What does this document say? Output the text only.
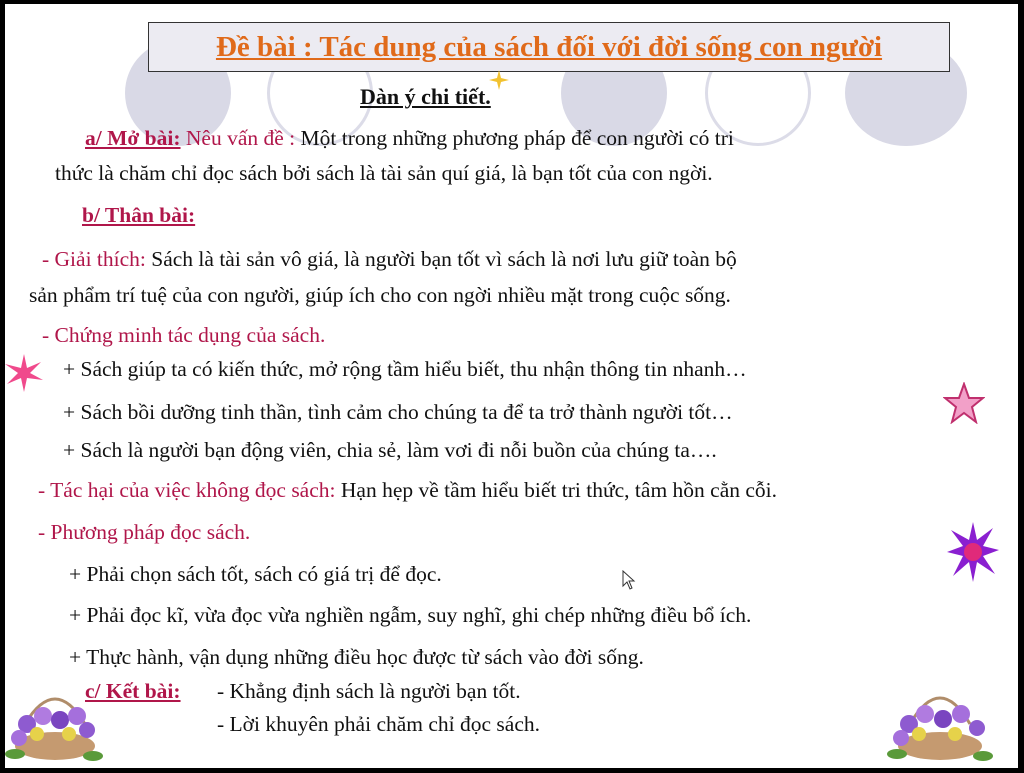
Đề bài : Tác dung của sách đối với đời sống con người
Dàn ý chi tiết.
a/ Mở bài: Nêu vấn đề : Một trong những phương pháp để con người có tri
thức là chăm chỉ đọc sách bởi sách là tài sản quí giá, là bạn tốt của con ngời.
b/ Thân bài:
- Giải thích: Sách là tài sản vô giá, là người bạn tốt vì sách là nơi lưu giữ toàn bộ
sản phẩm trí tuệ của con người, giúp ích cho con ngời nhiều mặt trong cuộc sống.
- Chứng minh tác dụng của sách.
+ Sách giúp ta có kiến thức, mở rộng tầm hiểu biết, thu nhận thông tin nhanh…
+ Sách bồi dưỡng tinh thần, tình cảm cho chúng ta để ta trở thành người tốt…
+ Sách là người bạn động viên, chia sẻ, làm vơi đi nỗi buồn của chúng ta….
- Tác hại của việc không đọc sách: Hạn hẹp về tầm hiểu biết tri thức, tâm hồn cằn cỗi.
- Phương pháp đọc sách.
+ Phải chọn sách tốt, sách có giá trị để đọc.
+ Phải đọc kĩ, vừa đọc vừa nghiền ngẫm, suy nghĩ, ghi chép những điều bổ ích.
+ Thực hành, vận dụng những điều học được từ sách vào đời sống.
c/ Kết bài: - Khẳng định sách là người bạn tốt.
- Lời khuyên phải chăm chỉ đọc sách.
